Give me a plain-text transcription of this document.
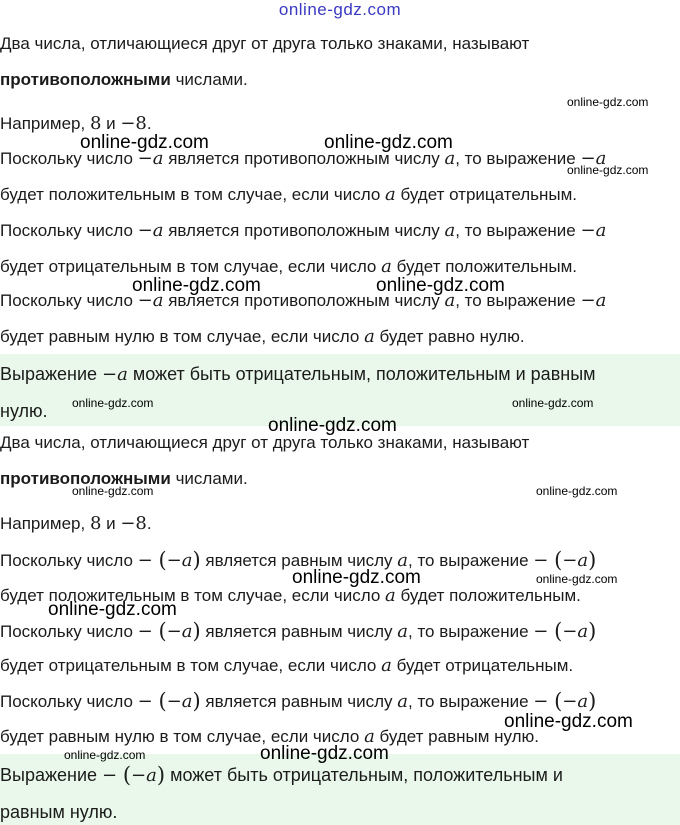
online-gdz.com
Два числа, отличающиеся друг от друга только знаками, называют
противоположными числами.
Например, 8 и −8.
Поскольку число −a является противоположным числу a, то выражение −a
будет положительным в том случае, если число a будет отрицательным.
Поскольку число −a является противоположным числу a, то выражение −a
будет отрицательным в том случае, если число a будет положительным.
Поскольку число −a является противоположным числу a, то выражение −a
будет равным нулю в том случае, если число a будет равно нулю.
Выражение −a может быть отрицательным, положительным и равным
нулю.
Два числа, отличающиеся друг от друга только знаками, называют
противоположными числами.
Например, 8 и −8.
Поскольку число − (−a) является равным числу a, то выражение − (−a)
будет положительным в том случае, если число a будет положительным.
Поскольку число − (−a) является равным числу a, то выражение − (−a)
будет отрицательным в том случае, если число a будет отрицательным.
Поскольку число − (−a) является равным числу a, то выражение − (−a)
будет равным нулю в том случае, если число a будет равным нулю.
Выражение − (−a) может быть отрицательным, положительным и
равным нулю.
online-gdz.com
online-gdz.com	online-gdz.com
online-gdz.com
online-gdz.com	online-gdz.com
online-gdz.com	online-gdz.com
online-gdz.com
online-gdz.com	online-gdz.com
online-gdz.com	online-gdz.com
online-gdz.com
online-gdz.com
online-gdz.com	online-gdz.com
